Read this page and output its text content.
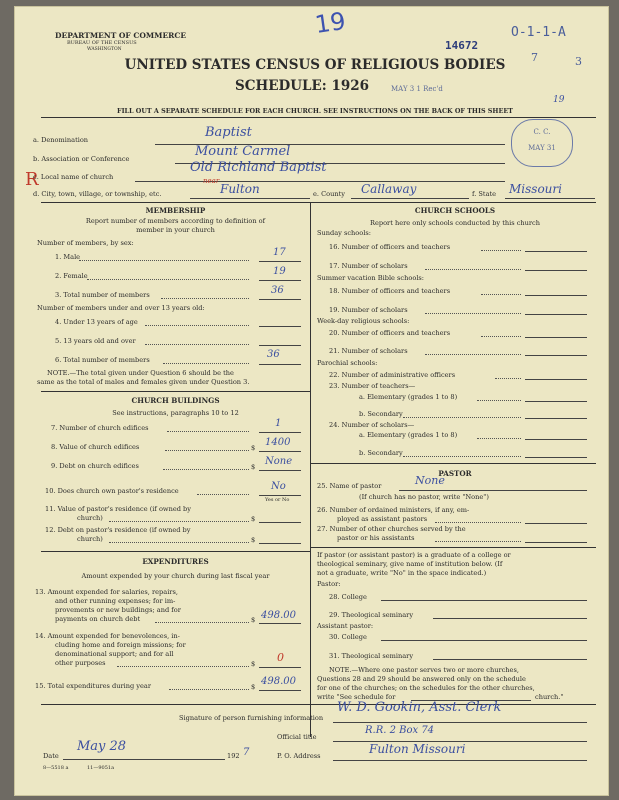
DEPARTMENT OF COMMERCE
BUREAU OF THE CENSUS
WASHINGTON
19
14672
MAY 3 1 Rec'd
O-1-1-A
7	3
UNITED STATES CENSUS OF RELIGIOUS BODIES
SCHEDULE: 1926
FILL OUT A SEPARATE SCHEDULE FOR EACH CHURCH. SEE INSTRUCTIONS ON THE BACK OF THIS SHEET
19
C. C.
MAY 31
a. Denomination	Baptist
b. Association or Conference	Mount Carmel
R
c. Local name of church
Old Richland Baptist
d. City, town, village, or township, etc.
near
Fulton	e. County Callaway	f. State Missouri
MEMBERSHIP
Report number of members according to definition of
member in your church
Number of members, by sex:
1. Male	17
2. Female	19
3. Total number of members	36
Number of members under and over 13 years old:
4. Under 13 years of age
5. 13 years old and over
6. Total number of members	36
NOTE.—The total given under Question 6 should be the
same as the total of males and females given under Question 3.
CHURCH BUILDINGS
See instructions, paragraphs 10 to 12
7. Number of church edifices	1
8. Value of church edifices	$ 1400
9. Debt on church edifices	$ None
10. Does church own pastor's residence	No
Yes or No
11. Value of pastor's residence (if owned by
church)	$
12. Debt on pastor's residence (if owned by
church)	$
EXPENDITURES
Amount expended by your church during last fiscal year
13. Amount expended for salaries, repairs,
and other running expenses; for im-
provements or new buildings; and for
payments on church debt	$ 498.00
14. Amount expended for benevolences, in-
cluding home and foreign missions; for
denominational support; and for all
other purposes	$ 0
15. Total expenditures during year	$ 498.00
CHURCH SCHOOLS
Report here only schools conducted by this church
Sunday schools:
16. Number of officers and teachers
17. Number of scholars
Summer vacation Bible schools:
18. Number of officers and teachers
19. Number of scholars
Week-day religious schools:
20. Number of officers and teachers
21. Number of scholars
Parochial schools:
22. Number of administrative officers
23. Number of teachers—
a. Elementary (grades 1 to 8)
b. Secondary
24. Number of scholars—
a. Elementary (grades 1 to 8)
b. Secondary
PASTOR
25. Name of pastor	None
(If church has no pastor, write "None")
26. Number of ordained ministers, if any, em-
ployed as assistant pastors
27. Number of other churches served by the
pastor or his assistants
If pastor (or assistant pastor) is a graduate of a college or
theological seminary, give name of institution below. (If
not a graduate, write "No" in the space indicated.)
Pastor:
28. College
29. Theological seminary
Assistant pastor:
30. College
31. Theological seminary
NOTE.—Where one pastor serves two or more churches,
Questions 28 and 29 should be answered only on the schedule
for one of the churches; on the schedules for the other churches,
write "See schedule for	church."
Signature of person furnishing information
W. D. Gookin, Asst. Clerk
Official title
R.R. 2 Box 74
Date
May 28
192 7	P. O. Address	Fulton Missouri
8—5518 a	11—9051a
